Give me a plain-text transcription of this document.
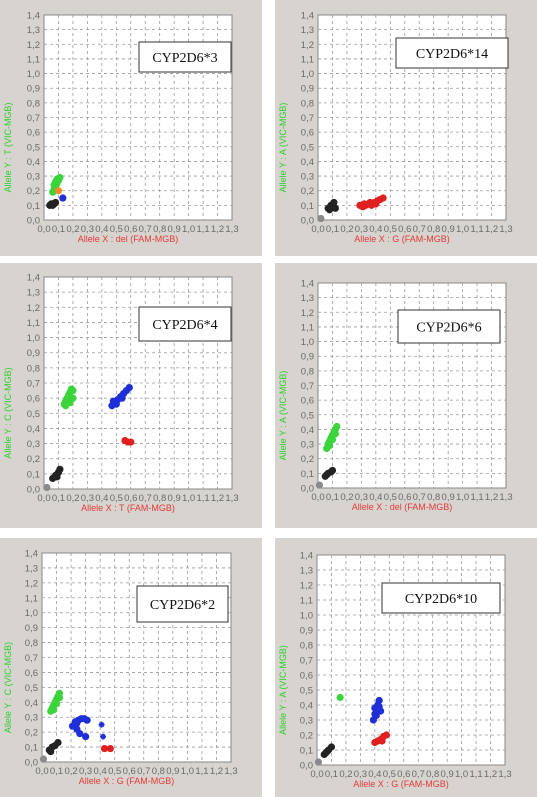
0,0
0,1
0,2
0,3
0,4
0,5
0,6
0,7
0,8
0,9
1,0
1,1
1,2
1,3
1,4
0,0 0,1 0,2 0,3 0,4 0,5 0,6 0,7 0,8 0,9 1,0 1,1 1,2 1,3
Allele X : del (FAM-MGB)
Allele Y : T (VIC-MGB)
CYP2D6*3
0,0
0,1
0,2
0,3
0,4
0,5
0,6
0,7
0,8
0,9
1,0
1,1
1,2
1,3
1,4
0,0 0,1 0,2 0,3 0,4 0,5 0,6 0,7 0,8 0,9 1,0 1,1 1,2 1,3
Allele X : G (FAM-MGB)
Allele Y : A (VIC-MGB)
CYP2D6*14
0,0
0,1
0,2
0,3
0,4
0,5
0,6
0,7
0,8
0,9
1,0
1,1
1,2
1,3
1,4
0,0 0,1 0,2 0,3 0,4 0,5 0,6 0,7 0,8 0,9 1,0 1,1 1,2 1,3
Allele X : T (FAM-MGB)
Allele Y : C (VIC-MGB)
CYP2D6*4
0,0
0,1
0,2
0,3
0,4
0,5
0,6
0,7
0,8
0,9
1,0
1,1
1,2
1,3
1,4
0,0 0,1 0,2 0,3 0,4 0,5 0,6 0,7 0,8 0,9 1,0 1,1 1,2 1,3
Allele X : del (FAM-MGB)
Allele Y : A (VIC-MGB)
CYP2D6*6
0,0
0,1
0,2
0,3
0,4
0,5
0,6
0,7
0,8
0,9
1,0
1,1
1,2
1,3
1,4
0,0 0,1 0,2 0,3 0,4 0,5 0,6 0,7 0,8 0,9 1,0 1,1 1,2 1,3
Allele X : G (FAM-MGB)
Allele Y : C (VIC-MGB)
CYP2D6*2
0,0
0,1
0,2
0,3
0,4
0,5
0,6
0,7
0,8
0,9
1,0
1,1
1,2
1,3
1,4
0,0 0,1 0,2 0,3 0,4 0,5 0,6 0,7 0,8 0,9 1,0 1,1 1,2 1,3
Allele X : G (FAM-MGB)
Allele Y : A (VIC-MGB)
CYP2D6*10
